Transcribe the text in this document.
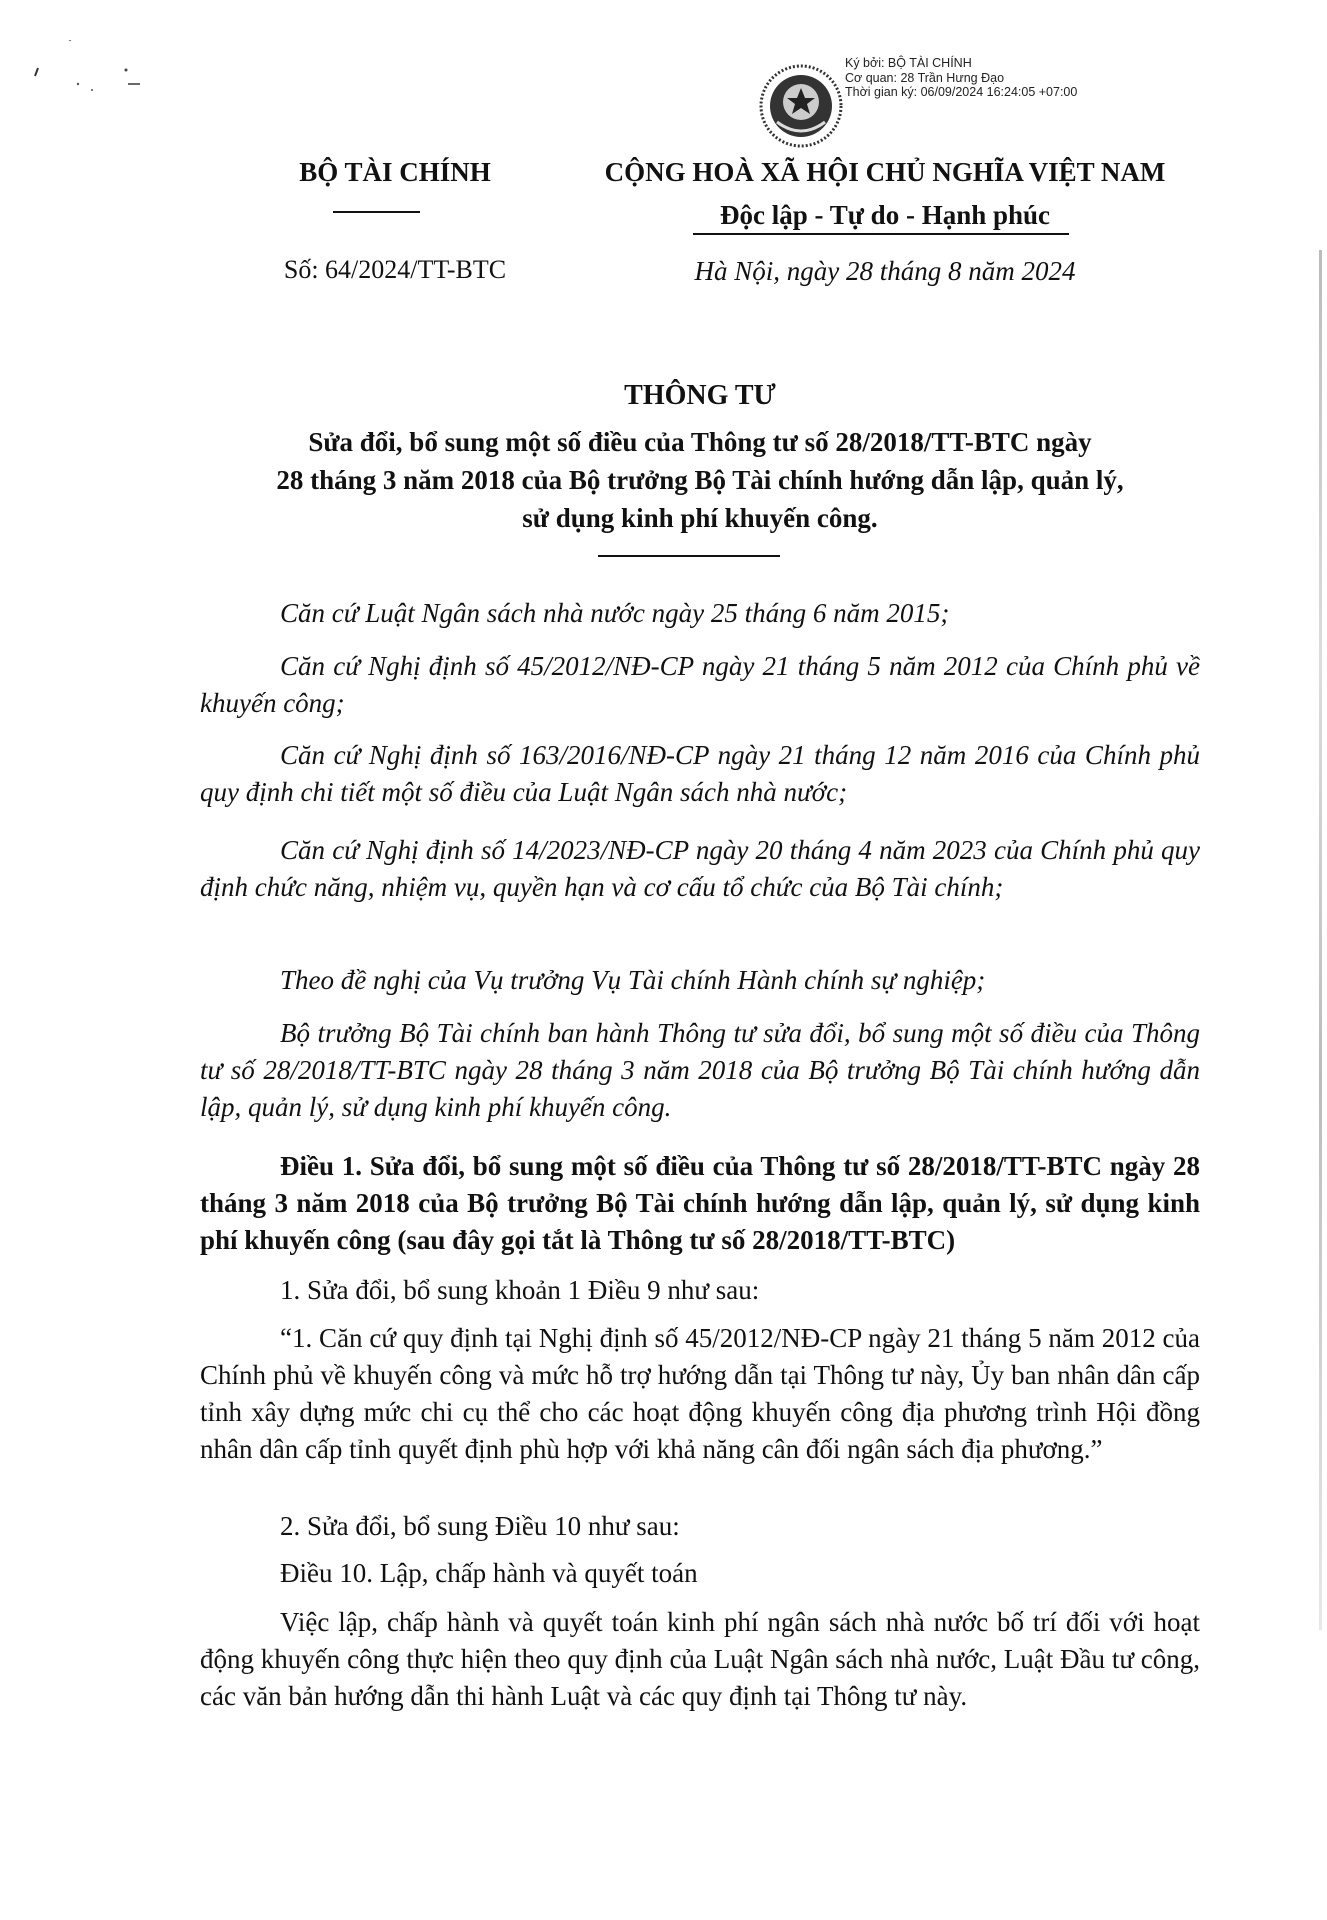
Ký bởi: BỘ TÀI CHÍNH
Cơ quan: 28 Trần Hưng Đạo
Thời gian ký: 06/09/2024 16:24:05 +07:00
BỘ TÀI CHÍNH
Số: 64/2024/TT-BTC
CỘNG HOÀ XÃ HỘI CHỦ NGHĨA VIỆT NAM
Độc lập - Tự do - Hạnh phúc
Hà Nội, ngày 28 tháng 8 năm 2024
THÔNG TƯ
Sửa đổi, bổ sung một số điều của Thông tư số 28/2018/TT-BTC ngày
28 tháng 3 năm 2018 của Bộ trưởng Bộ Tài chính hướng dẫn lập, quản lý,
sử dụng kinh phí khuyến công.
Căn cứ Luật Ngân sách nhà nước ngày 25 tháng 6 năm 2015;
Căn cứ Nghị định số 45/2012/NĐ-CP ngày 21 tháng 5 năm 2012 của Chính phủ về khuyến công;
Căn cứ Nghị định số 163/2016/NĐ-CP ngày 21 tháng 12 năm 2016 của Chính phủ quy định chi tiết một số điều của Luật Ngân sách nhà nước;
Căn cứ Nghị định số 14/2023/NĐ-CP ngày 20 tháng 4 năm 2023 của Chính phủ quy định chức năng, nhiệm vụ, quyền hạn và cơ cấu tổ chức của Bộ Tài chính;
Theo đề nghị của Vụ trưởng Vụ Tài chính Hành chính sự nghiệp;
Bộ trưởng Bộ Tài chính ban hành Thông tư sửa đổi, bổ sung một số điều của Thông tư số 28/2018/TT-BTC ngày 28 tháng 3 năm 2018 của Bộ trưởng Bộ Tài chính hướng dẫn lập, quản lý, sử dụng kinh phí khuyến công.
Điều 1. Sửa đổi, bổ sung một số điều của Thông tư số 28/2018/TT-BTC ngày 28 tháng 3 năm 2018 của Bộ trưởng Bộ Tài chính hướng dẫn lập, quản lý, sử dụng kinh phí khuyến công (sau đây gọi tắt là Thông tư số 28/2018/TT-BTC)
1. Sửa đổi, bổ sung khoản 1 Điều 9 như sau:
“1. Căn cứ quy định tại Nghị định số 45/2012/NĐ-CP ngày 21 tháng 5 năm 2012 của Chính phủ về khuyến công và mức hỗ trợ hướng dẫn tại Thông tư này, Ủy ban nhân dân cấp tỉnh xây dựng mức chi cụ thể cho các hoạt động khuyến công địa phương trình Hội đồng nhân dân cấp tỉnh quyết định phù hợp với khả năng cân đối ngân sách địa phương.”
2. Sửa đổi, bổ sung Điều 10 như sau:
Điều 10. Lập, chấp hành và quyết toán
Việc lập, chấp hành và quyết toán kinh phí ngân sách nhà nước bố trí đối với hoạt động khuyến công thực hiện theo quy định của Luật Ngân sách nhà nước, Luật Đầu tư công, các văn bản hướng dẫn thi hành Luật và các quy định tại Thông tư này.
